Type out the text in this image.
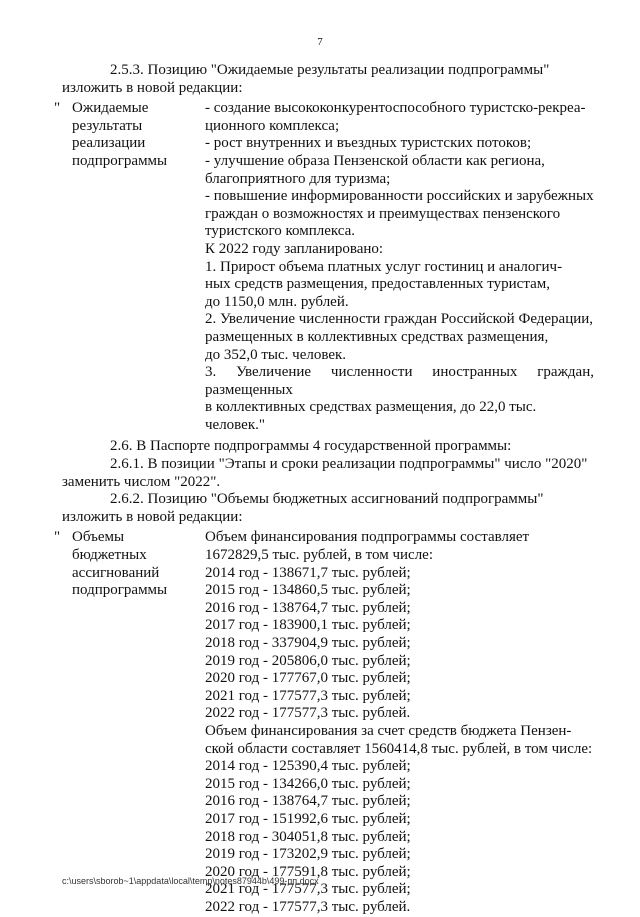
7
2.5.3. Позицию "Ожидаемые результаты реализации подпрограммы"
изложить в новой редакции:
" Ожидаемые
результаты
реализации
подпрограммы
- создание высококонкурентоспособного туристско-рекреа-
ционного комплекса;
- рост внутренних и въездных туристских потоков;
- улучшение образа Пензенской области как региона,
благоприятного для туризма;
- повышение информированности российских и зарубежных
граждан о возможностях и преимуществах пензенского
туристского комплекса.
К 2022 году запланировано:
1. Прирост объема платных услуг гостиниц и аналогич-
ных средств размещения, предоставленных туристам,
до 1150,0 млн. рублей.
2. Увеличение численности граждан Российской Федерации,
размещенных в коллективных средствах размещения,
до 352,0 тыс. человек.
3. Увеличение численности иностранных граждан, размещенных
в коллективных средствах размещения, до 22,0 тыс. человек."
2.6. В Паспорте подпрограммы 4 государственной программы:
2.6.1. В позиции "Этапы и сроки реализации подпрограммы" число "2020"
заменить числом "2022".
2.6.2. Позицию "Объемы бюджетных ассигнований подпрограммы"
изложить в новой редакции:
" Объемы
бюджетных
ассигнований
подпрограммы
Объем финансирования подпрограммы составляет
1672829,5 тыс. рублей, в том числе:
2014 год - 138671,7 тыс. рублей;
2015 год - 134860,5 тыс. рублей;
2016 год - 138764,7 тыс. рублей;
2017 год - 183900,1 тыс. рублей;
2018 год - 337904,9 тыс. рублей;
2019 год - 205806,0 тыс. рублей;
2020 год - 177767,0 тыс. рублей;
2021 год - 177577,3 тыс. рублей;
2022 год - 177577,3 тыс. рублей.
Объем финансирования за счет средств бюджета Пензен-
ской области составляет 1560414,8 тыс. рублей, в том числе:
2014 год - 125390,4 тыс. рублей;
2015 год - 134266,0 тыс. рублей;
2016 год - 138764,7 тыс. рублей;
2017 год - 151992,6 тыс. рублей;
2018 год - 304051,8 тыс. рублей;
2019 год - 173202,9 тыс. рублей;
2020 год - 177591,8 тыс. рублей;
2021 год - 177577,3 тыс. рублей;
2022 год - 177577,3 тыс. рублей.
c:\users\sborob~1\appdata\local\temp\notes87944b\499-пп.docx
